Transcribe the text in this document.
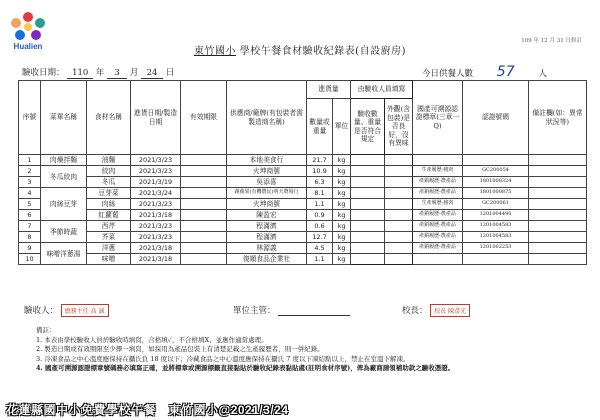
Hualien
109 年 12 月 31 日修訂
東竹國小 學校午餐食材驗收紀錄表(自設廚房)
驗收日期： 110 年 3 月 24 日	今日供餐人數 57	人
序號	菜單名稱	食材名稱	進貨日期/製造日期	有效期限	供應商/廠牌(有包裝者需製造商名稱)	進貨量		由驗收人員填寫		國產可溯源認證標章(三章一Q)	認證號碼	備註欄(如：異常狀況等)
						數量或重量	單位	驗收數量、重量是否符合規定	外觀(含包裝)是否良好，沒有異味			
1	肉燥拌麵	油麵	2021/3/23		本地美食行	21.7	kg					
2	冬瓜絞肉	絞肉	2021/3/23		火坤商號	10.9	kg			生產履歷-豬肉	GC200054	
3		冬瓜	2021/3/19		吳添喜	6.3	kg			產銷履歷-農產品	1801008324	
4	肉絲豆芽	豆芽菜	2021/3/24		謝蘋果(有機農民)明天農場行	8.1	kg			產銷履歷-農產品	1801000875	
5		肉絲	2021/3/23		火坤商號	1.1	kg			生產履歷-豬肉	GC200061	
6		紅蘿蔔	2021/3/18		陳盈宏	0.9	kg			產銷履歷-農產品	1201004490	
7	季節時蔬	西芹	2021/3/23		程滿濟	0.6	kg			產銷履歷-農產品	1201004583	
8		芥菜	2021/3/23		程滿濟	12.7	kg			產銷履歷-農產品	1201004583	
9	味噌洋蔥湯	洋蔥	2021/3/18		林源義	4.5	kg			產銷履歷-農產品	1201002253	
10		味噌	2021/3/18		復順食品企業社	1.1	kg					
驗收人： 總務主任 高 誠	單位主管：	校長： 校長 陳彥光
備註：
1. 本表由學校驗收人員於驗收時填寫，合格填✓，不合格填X，並應作適當處理。
2. 製造日期或有效期限至少擇一填寫，如採用為產品包裝上有清楚記載之生產履歷者，則一併紀錄。
3. 冷凍食品之中心溫度應保持在攝氏負 18 度以下；冷藏食品之中心溫度應保持在攝氏 7 度以下凍結點以上，禁止在室溫下解凍。
4. 國產可溯源認證標章號碼務必填寫正確，並將標章或溯源標籤直接黏貼於驗收紀錄表黏貼處(註明食材序號)，俾為廠商請領補助款之驗收憑證。
花蓮縣國中小免費學校午餐　東竹國小@2021/3/24
